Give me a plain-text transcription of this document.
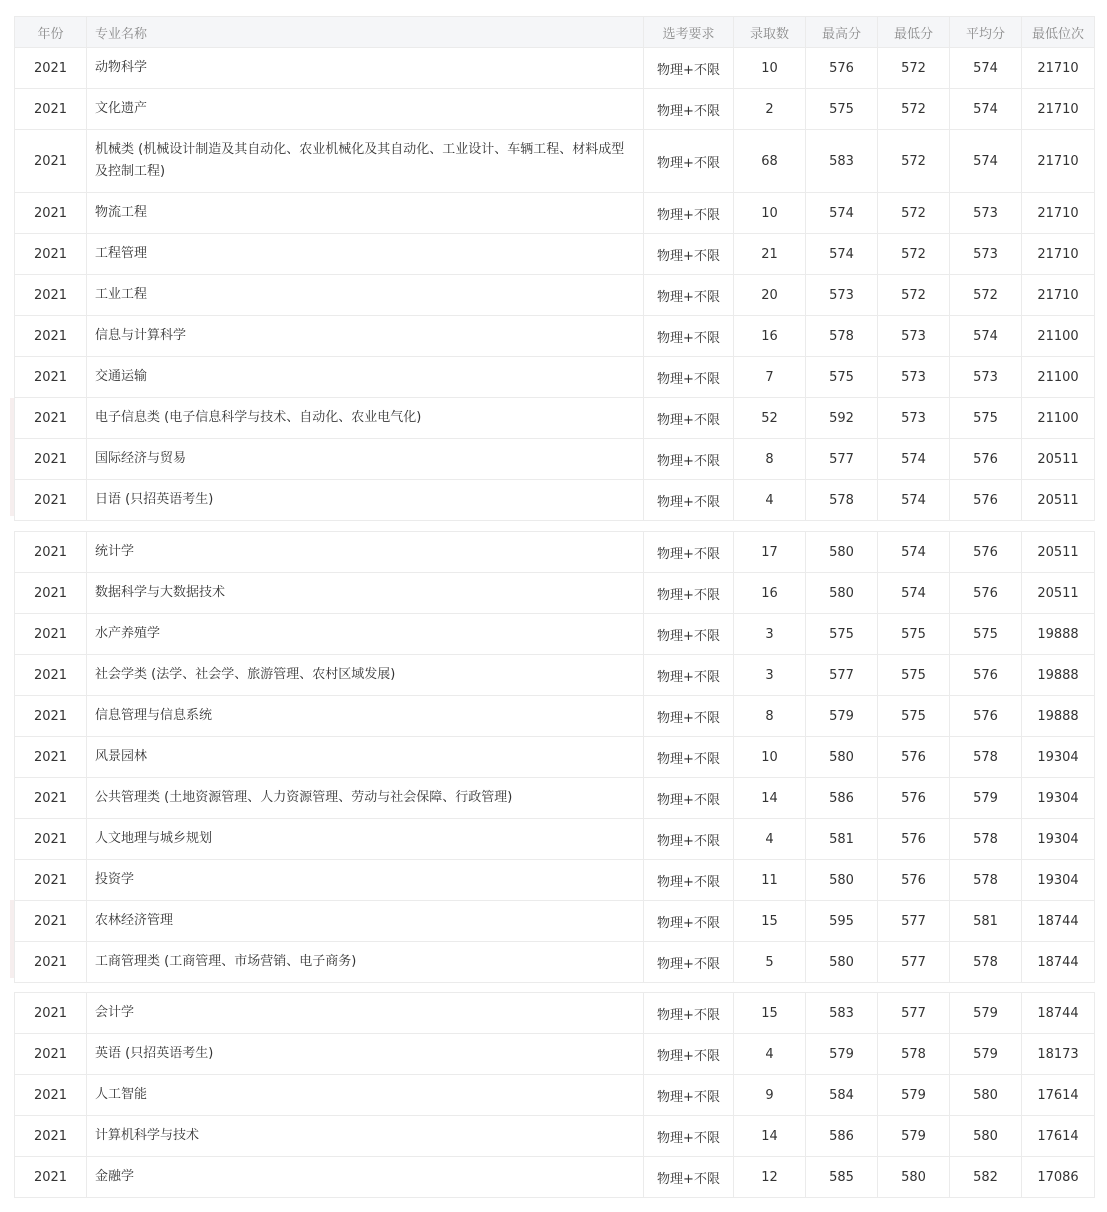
年份	专业名称	选考要求	录取数	最高分	最低分	平均分	最低位次
2021	动物科学	物理+不限	10	576	572	574	21710
2021	文化遗产	物理+不限	2	575	572	574	21710
2021	机械类 (机械设计制造及其自动化、农业机械化及其自动化、工业设计、车辆工程、材料成型及控制工程)	物理+不限	68	583	572	574	21710
2021	物流工程	物理+不限	10	574	572	573	21710
2021	工程管理	物理+不限	21	574	572	573	21710
2021	工业工程	物理+不限	20	573	572	572	21710
2021	信息与计算科学	物理+不限	16	578	573	574	21100
2021	交通运输	物理+不限	7	575	573	573	21100
2021	电子信息类 (电子信息科学与技术、自动化、农业电气化)	物理+不限	52	592	573	575	21100
2021	国际经济与贸易	物理+不限	8	577	574	576	20511
2021	日语 (只招英语考生)	物理+不限	4	578	574	576	20511
2021	统计学	物理+不限	17	580	574	576	20511
2021	数据科学与大数据技术	物理+不限	16	580	574	576	20511
2021	水产养殖学	物理+不限	3	575	575	575	19888
2021	社会学类 (法学、社会学、旅游管理、农村区域发展)	物理+不限	3	577	575	576	19888
2021	信息管理与信息系统	物理+不限	8	579	575	576	19888
2021	风景园林	物理+不限	10	580	576	578	19304
2021	公共管理类 (土地资源管理、人力资源管理、劳动与社会保障、行政管理)	物理+不限	14	586	576	579	19304
2021	人文地理与城乡规划	物理+不限	4	581	576	578	19304
2021	投资学	物理+不限	11	580	576	578	19304
2021	农林经济管理	物理+不限	15	595	577	581	18744
2021	工商管理类 (工商管理、市场营销、电子商务)	物理+不限	5	580	577	578	18744
2021	会计学	物理+不限	15	583	577	579	18744
2021	英语 (只招英语考生)	物理+不限	4	579	578	579	18173
2021	人工智能	物理+不限	9	584	579	580	17614
2021	计算机科学与技术	物理+不限	14	586	579	580	17614
2021	金融学	物理+不限	12	585	580	582	17086
